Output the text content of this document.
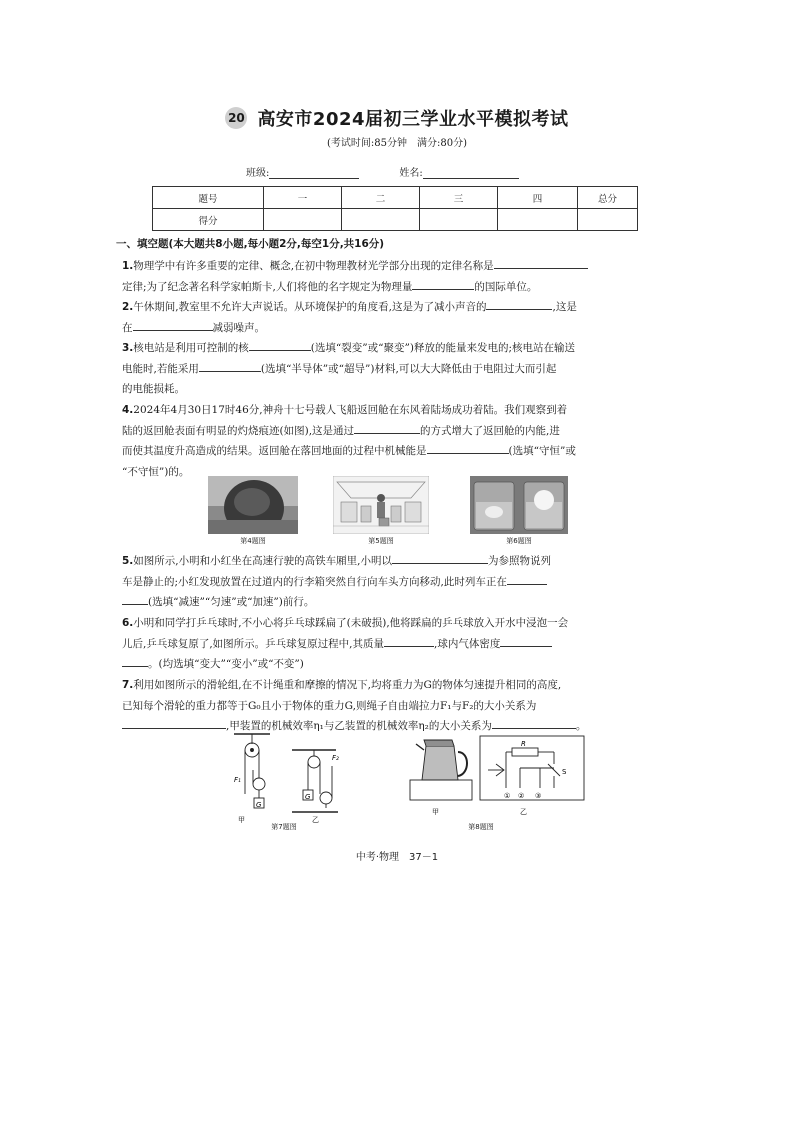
20 高安市2024届初三学业水平模拟考试
(考试时间:85分钟　满分:80分)
班级:	姓名:
题号	一	二	三	四	总分
得分					
一、填空题(本大题共8小题,每小题2分,每空1分,共16分)
1.物理学中有许多重要的定律、概念,在初中物理教材光学部分出现的定律名称是
定律;为了纪念著名科学家帕斯卡,人们将他的名字规定为物理量	的国际单位。
2.午休期间,教室里不允许大声说话。从环境保护的角度看,这是为了减小声音的	,这是
在	减弱噪声。
3.核电站是利用可控制的核	(选填“裂变”或“聚变”)释放的能量来发电的;核电站在输送
电能时,若能采用	(选填“半导体”或“超导”)材料,可以大大降低由于电阻过大而引起
的电能损耗。
4.2024年4月30日17时46分,神舟十七号载人飞船返回舱在东风着陆场成功着陆。我们观察到着
陆的返回舱表面有明显的灼烧痕迹(如图),这是通过	的方式增大了返回舱的内能,进
而使其温度升高造成的结果。返回舱在落回地面的过程中机械能是	(选填“守恒”或
“不守恒”)的。
第4题图	第5题图	第6题图
5.如图所示,小明和小红坐在高速行驶的高铁车厢里,小明以	为参照物说列
车是静止的;小红发现放置在过道内的行李箱突然自行向车头方向移动,此时列车正在
(选填“减速”“匀速”或“加速”)前行。
6.小明和同学打乒乓球时,不小心将乒乓球踩扁了(未破损),他将踩扁的乒乓球放入开水中浸泡一会
儿后,乒乓球复原了,如图所示。乒乓球复原过程中,其质量	,球内气体密度
。(均选填“变大”“变小”或“不变”)
7.利用如图所示的滑轮组,在不计绳重和摩擦的情况下,均将重力为G的物体匀速提升相同的高度,
已知每个滑轮的重力都等于G₀且小于物体的重力G,则绳子自由端拉力F₁与F₂的大小关系为
,甲装置的机械效率η₁与乙装置的机械效率η₂的大小关系为	。
F₁
G
F₂
G
甲	乙
第7题图
R
S
① ② ③
甲	乙
第8题图
中考·物理　37－1
